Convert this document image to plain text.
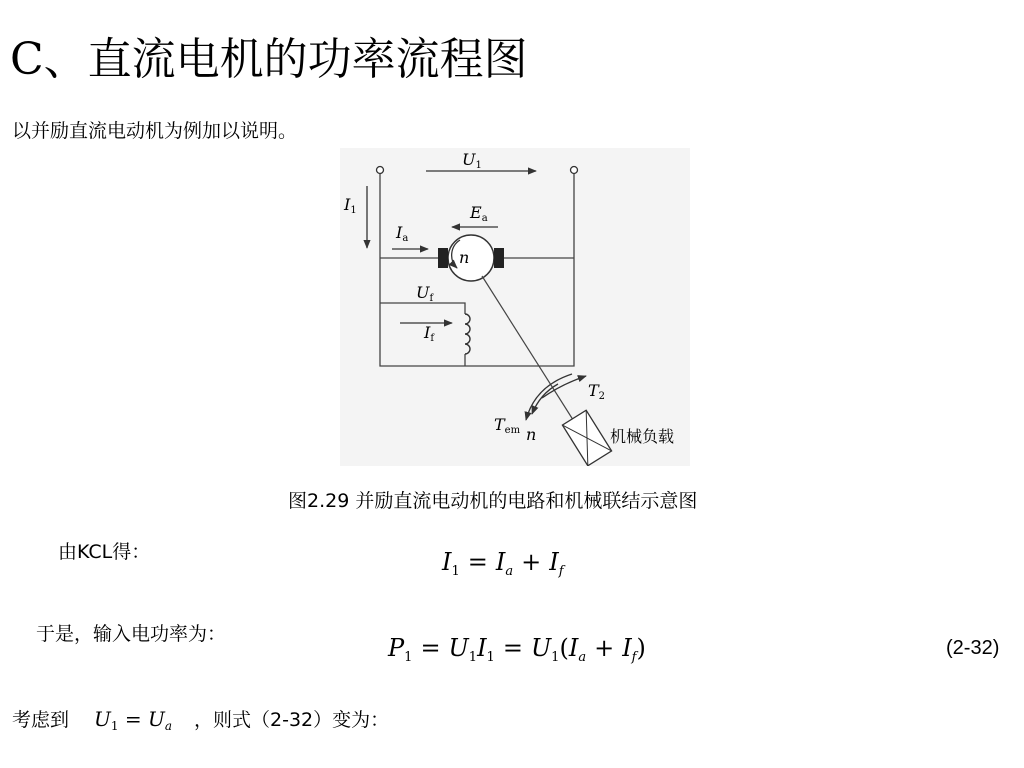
C、直流电机的功率流程图
以并励直流电动机为例加以说明。
U1
I1	Ea
Ia
n
Uf
If
T2
Tem n	机械负载
图2.29 并励直流电动机的电路和机械联结示意图
由KCL得：	$I_1 = I_a + I_f$
于是，输入电功率为：	$P_1 = U_1I_1 = U_1(I_a + I_f)$	(2-32)
考虑到 $U_1 = U_a$ ，则式（2-32）变为：
